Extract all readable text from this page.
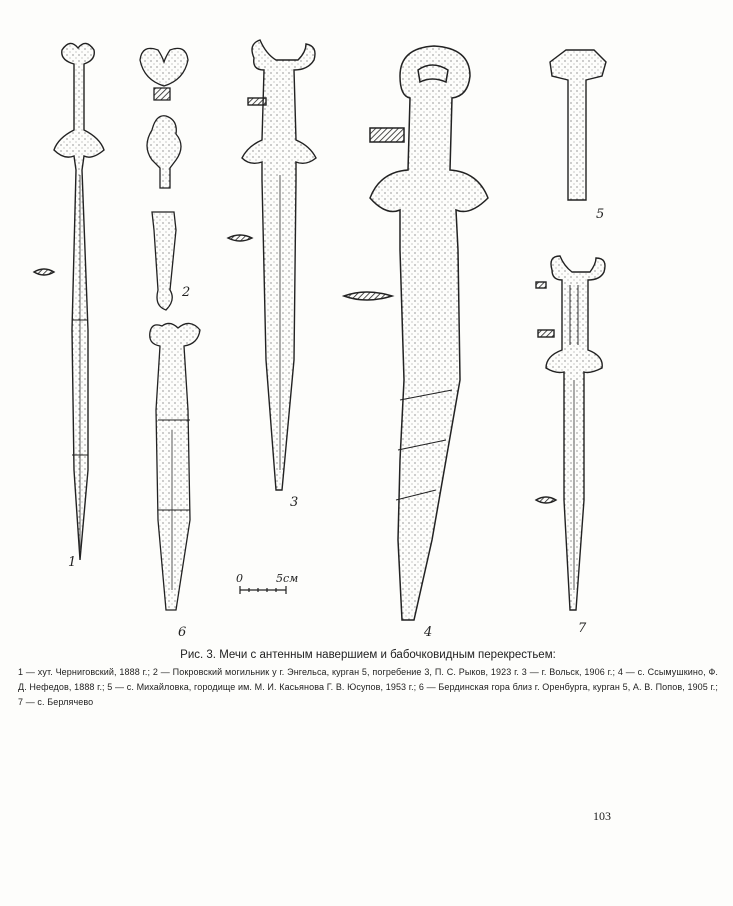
0	5см
1
2
3
4
5
6	7
Рис. 3. Мечи с антенным навершием и бабочковидным перекрестьем:
1 — хут. Черниговский, 1888 г.; 2 — Покровский могильник у г. Энгельса, курган 5, погребение 3, П. С. Рыков, 1923 г. 3 — г. Вольск, 1906 г.; 4 — с. Ссымушкино, Ф. Д. Нефедов, 1888 г.; 5 — с. Михайловка, городище им. М. И. Касьянова Г. В. Юсупов, 1953 г.; 6 — Бердинская гора близ г. Оренбурга, курган 5, А. В. Попов, 1905 г.; 7 — с. Берлячево
103
